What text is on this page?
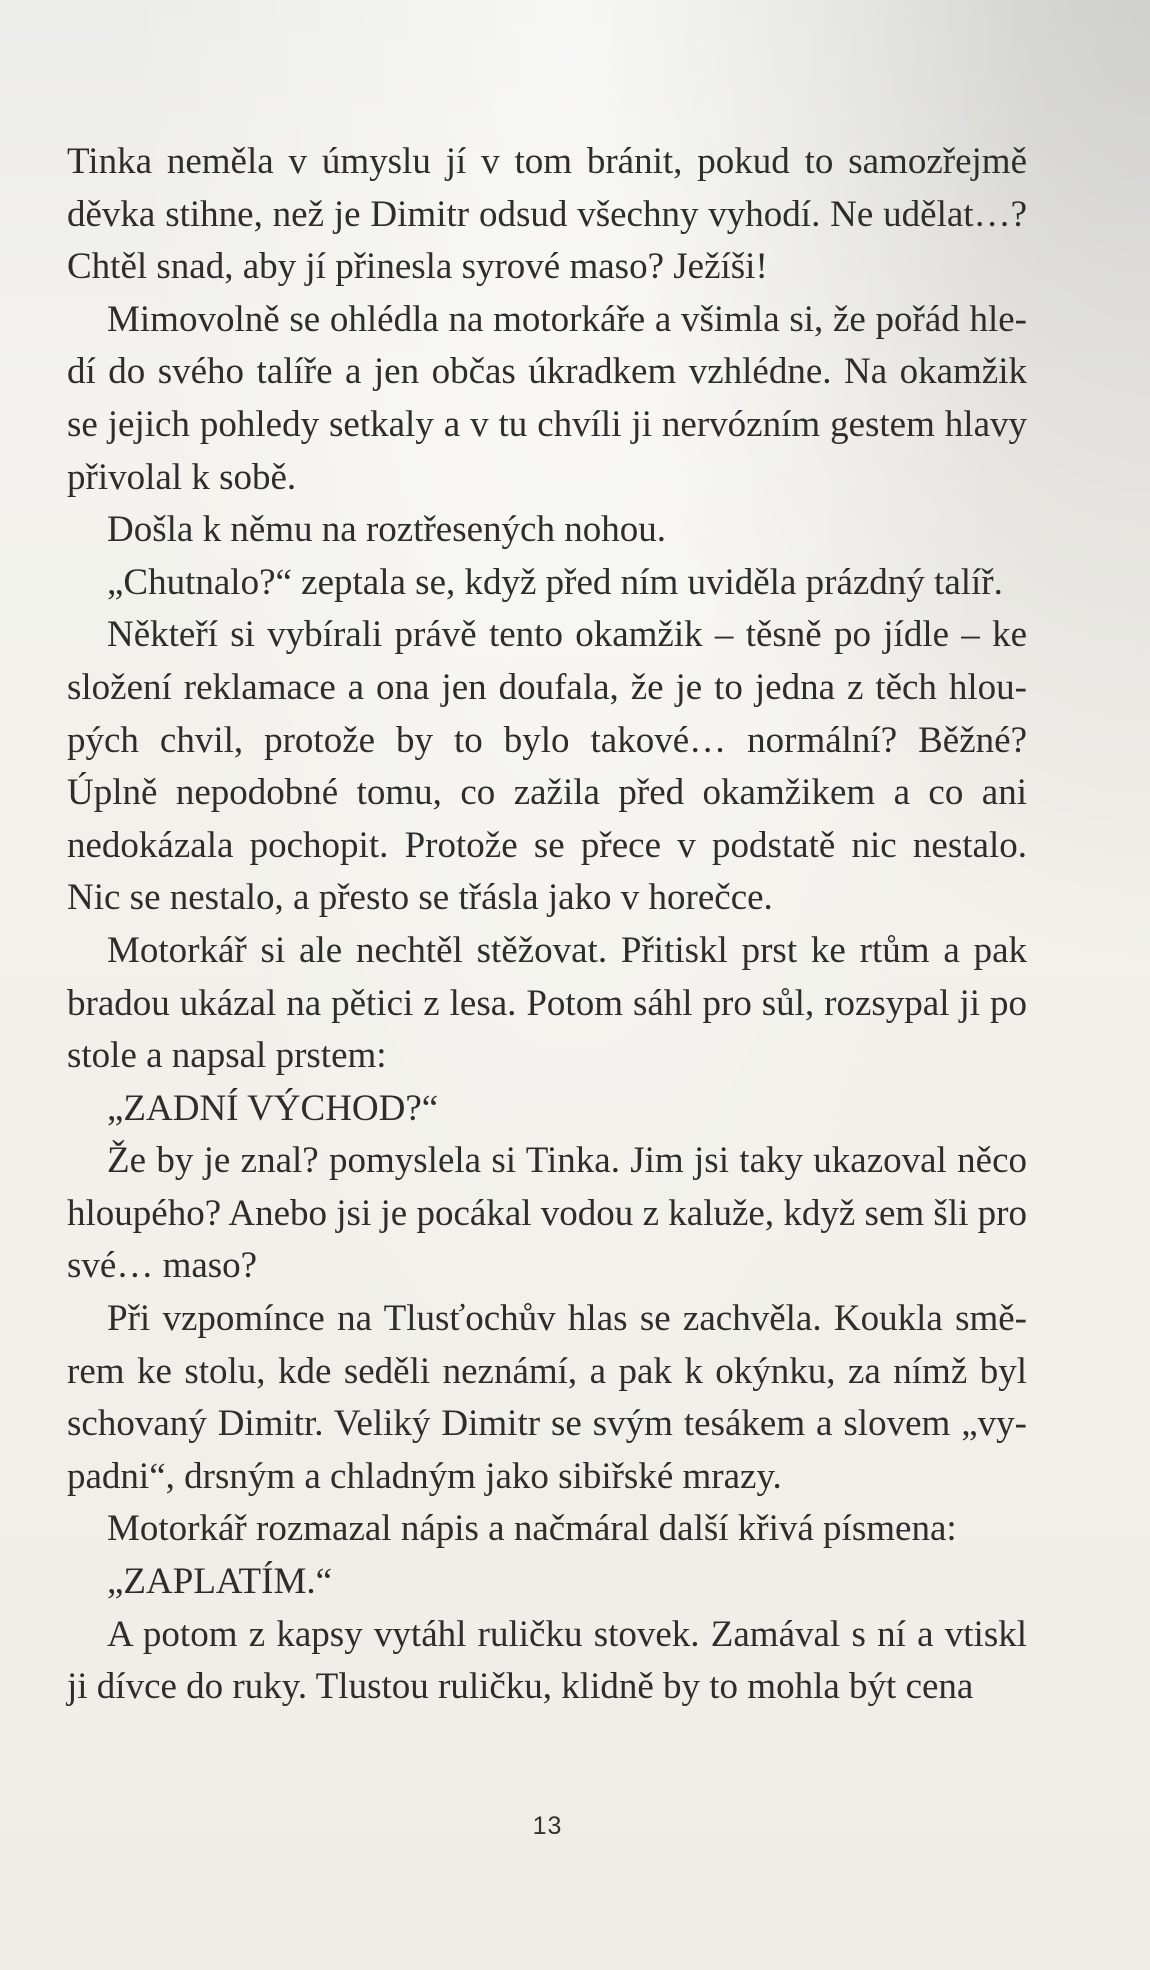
Tinka neměla v úmyslu jí v tom bránit, pokud to samozřejmě děvka stihne, než je Dimitr odsud všechny vyhodí. Ne udělat…? Chtěl snad, aby jí přinesla syrové maso? Ježíši!

Mimovolně se ohlédla na motorkáře a všimla si, že pořád hledí do svého talíře a jen občas úkradkem vzhlédne. Na okamžik se jejich pohledy setkaly a v tu chvíli ji nervózním gestem hlavy přivolal k sobě.

Došla k němu na roztřesených nohou.

„Chutnalo?“ zeptala se, když před ním uviděla prázdný talíř.

Někteří si vybírali právě tento okamžik – těsně po jídle – ke složení reklamace a ona jen doufala, že je to jedna z těch hloupých chvil, protože by to bylo takové… normální? Běžné? Úplně nepodobné tomu, co zažila před okamžikem a co ani nedokázala pochopit. Protože se přece v podstatě nic nestalo. Nic se nestalo, a přesto se třásla jako v horečce.

Motorkář si ale nechtěl stěžovat. Přitiskl prst ke rtům a pak bradou ukázal na pětici z lesa. Potom sáhl pro sůl, rozsypal ji po stole a napsal prstem:

„ZADNÍ VÝCHOD?“

Že by je znal? pomyslela si Tinka. Jim jsi taky ukazoval něco hloupého? Anebo jsi je pocákal vodou z kaluže, když sem šli pro své… maso?

Při vzpomínce na Tlusťochův hlas se zachvěla. Koukla směrem ke stolu, kde seděli neznámí, a pak k okýnku, za nímž byl schovaný Dimitr. Veliký Dimitr se svým tesákem a slovem „vypadni“, drsným a chladným jako sibiřské mrazy.

Motorkář rozmazal nápis a načmáral další křivá písmena:

„ZAPLATÍM.“

A potom z kapsy vytáhl ruličku stovek. Zamával s ní a vtiskl ji dívce do ruky. Tlustou ruličku, klidně by to mohla být cena

13
